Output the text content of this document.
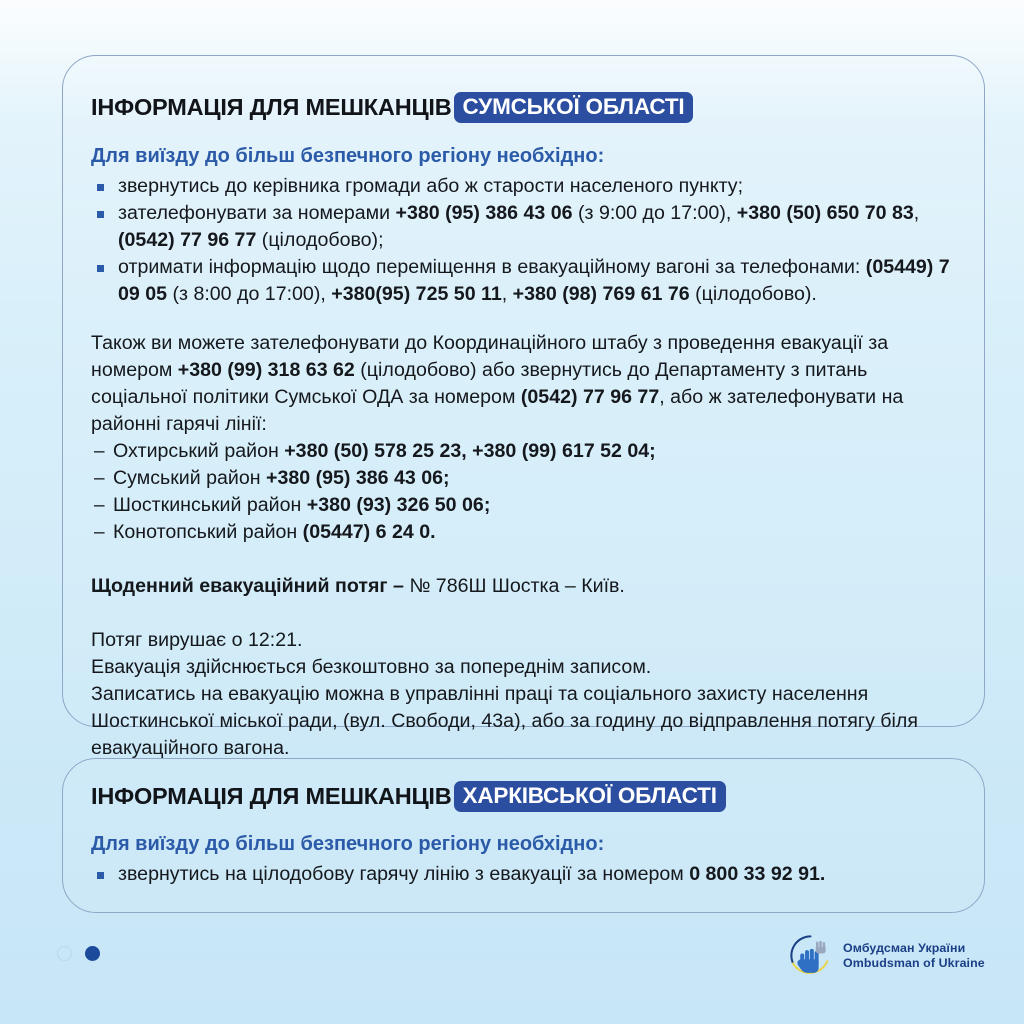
ІНФОРМАЦІЯ ДЛЯ МЕШКАНЦІВ СУМСЬКОЇ ОБЛАСТІ
Для виїзду до більш безпечного регіону необхідно:
звернутись до керівника громади або ж старости населеного пункту;
зателефонувати за номерами +380 (95) 386 43 06 (з 9:00 до 17:00), +380 (50) 650 70 83, (0542) 77 96 77 (цілодобово);
отримати інформацію щодо переміщення в евакуаційному вагоні за телефонами: (05449) 7 09 05 (з 8:00 до 17:00), +380(95) 725 50 11, +380 (98) 769 61 76 (цілодобово).

Також ви можете зателефонувати до Координаційного штабу з проведення евакуації за номером +380 (99) 318 63 62 (цілодобово) або звернутись до Департаменту з питань соціальної політики Сумської ОДА за номером (0542) 77 96 77, або ж зателефонувати на районні гарячі лінії:

– Охтирський район +380 (50) 578 25 23, +380 (99) 617 52 04;
– Сумський район +380 (95) 386 43 06;
– Шосткинський район +380 (93) 326 50 06;
– Конотопський район (05447) 6 24 0.

Щоденний евакуаційний потяг – № 786Ш Шостка – Київ.

Потяг вирушає о 12:21.

Евакуація здійснюється безкоштовно за попереднім записом.

Записатись на евакуацію можна в управлінні праці та соціального захисту населення Шосткинської міської ради, (вул. Свободи, 43а), або за годину до відправлення потягу біля евакуаційного вагона.

ІНФОРМАЦІЯ ДЛЯ МЕШКАНЦІВ ХАРКІВСЬКОЇ ОБЛАСТІ
Для виїзду до більш безпечного регіону необхідно:
звернутись на цілодобову гарячу лінію з евакуації за номером 0 800 33 92 91.
Омбудсман України
Ombudsman of Ukraine
